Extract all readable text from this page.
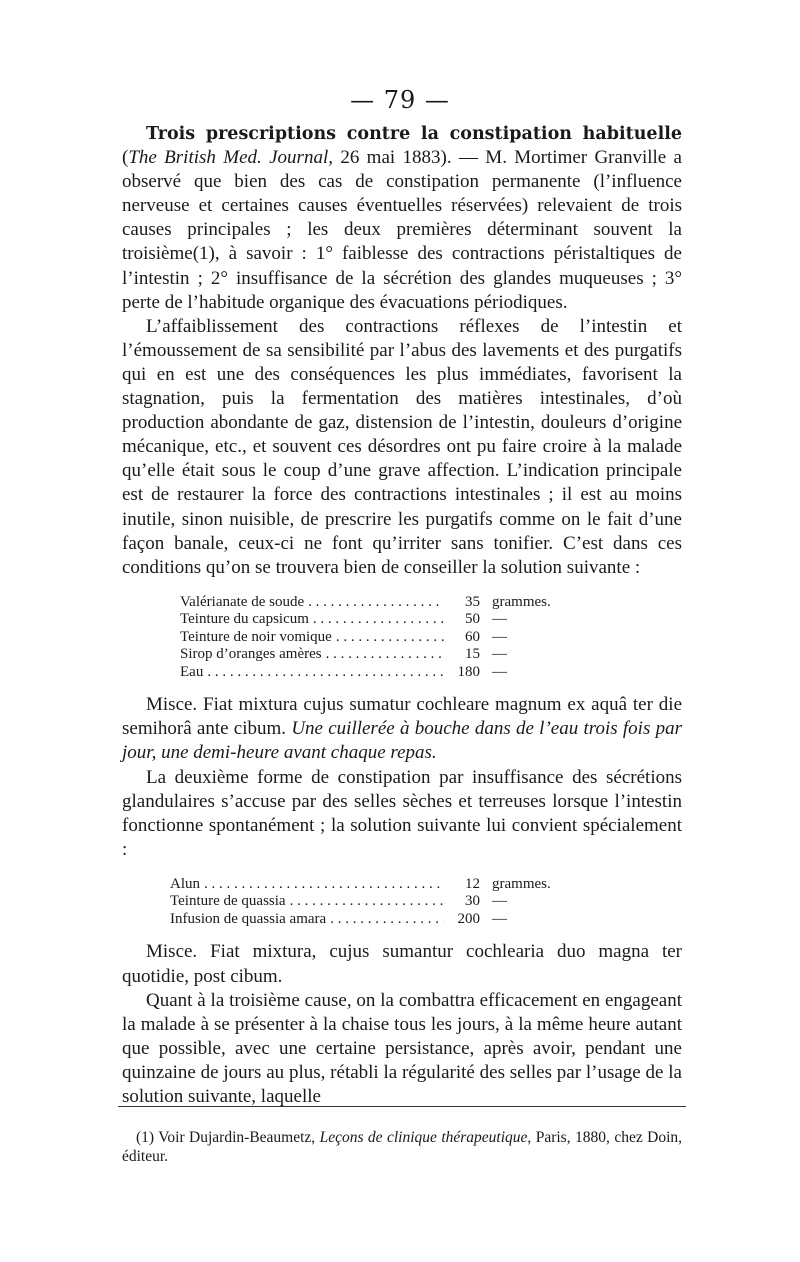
— 79 —

Trois prescriptions contre la constipation habituelle (The British Med. Journal, 26 mai 1883). — M. Mortimer Granville a observé que bien des cas de constipation permanente (l’influence nerveuse et certaines causes éventuelles réservées) relevaient de trois causes principales ; les deux premières déterminant souvent la troisième(1), à savoir : 1° faiblesse des contractions péristaltiques de l’intestin ; 2° insuffisance de la sécrétion des glandes muqueuses ; 3° perte de l’habitude organique des évacuations périodiques.

L’affaiblissement des contractions réflexes de l’intestin et l’émoussement de sa sensibilité par l’abus des lavements et des purgatifs qui en est une des conséquences les plus immédiates, favorisent la stagnation, puis la fermentation des matières intestinales, d’où production abondante de gaz, distension de l’intestin, douleurs d’origine mécanique, etc., et souvent ces désordres ont pu faire croire à la malade qu’elle était sous le coup d’une grave affection. L’indication principale est de restaurer la force des contractions intestinales ; il est au moins inutile, sinon nuisible, de prescrire les purgatifs comme on le fait d’une façon banale, ceux-ci ne font qu’irriter sans tonifier. C’est dans ces conditions qu’on se trouvera bien de conseiller la solution suivante :

Valérianate de soude . . .	35 grammes.
Teinture du capsicum . . .	50 —
Teinture de noir vomique . . .	60 —
Sirop d’oranges amères . . .	15 —
Eau . . .	180 —

Misce. Fiat mixtura cujus sumatur cochleare magnum ex aquâ ter die semihorâ ante cibum. Une cuillerée à bouche dans de l’eau trois fois par jour, une demi-heure avant chaque repas.

La deuxième forme de constipation par insuffisance des sécrétions glandulaires s’accuse par des selles sèches et terreuses lorsque l’intestin fonctionne spontanément ; la solution suivante lui convient spécialement :

Alun . . .	12 grammes.
Teinture de quassia . . .	30 —
Infusion de quassia amara . . .	200 —

Misce. Fiat mixtura, cujus sumantur cochlearia duo magna ter quotidie, post cibum.

Quant à la troisième cause, on la combattra efficacement en engageant la malade à se présenter à la chaise tous les jours, à la même heure autant que possible, avec une certaine persistance, après avoir, pendant une quinzaine de jours au plus, rétabli la régularité des selles par l’usage de la solution suivante, laquelle

(1) Voir Dujardin-Beaumetz, Leçons de clinique thérapeutique, Paris, 1880, chez Doin, éditeur.
